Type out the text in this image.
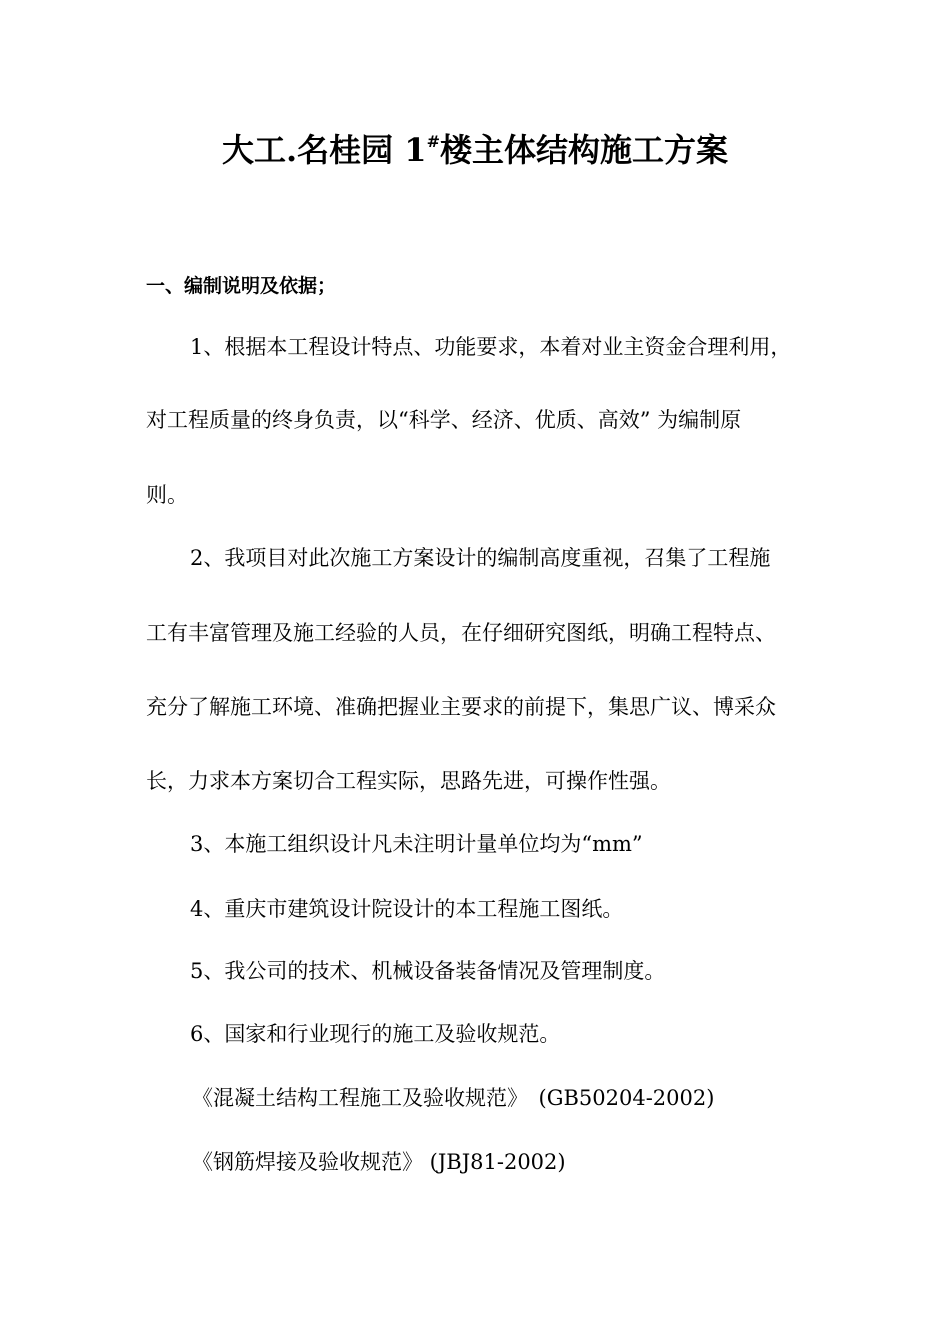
大工.名桂园 1#楼主体结构施工方案
一、编制说明及依据；
1、根据本工程设计特点、功能要求，本着对业主资金合理利用，
对工程质量的终身负责，以“科学、经济、优质、高效” 为编制原
则。
2、我项目对此次施工方案设计的编制高度重视，召集了工程施
工有丰富管理及施工经验的人员，在仔细研究图纸，明确工程特点、
充分了解施工环境、准确把握业主要求的前提下，集思广议、博采众
长，力求本方案切合工程实际，思路先进，可操作性强。
3、本施工组织设计凡未注明计量单位均为“mm”
4、重庆市建筑设计院设计的本工程施工图纸。
5、我公司的技术、机械设备装备情况及管理制度。
6、国家和行业现行的施工及验收规范。
《混凝土结构工程施工及验收规范》　(GB50204-2002)
《钢筋焊接及验收规范》 (JBJ81-2002)
